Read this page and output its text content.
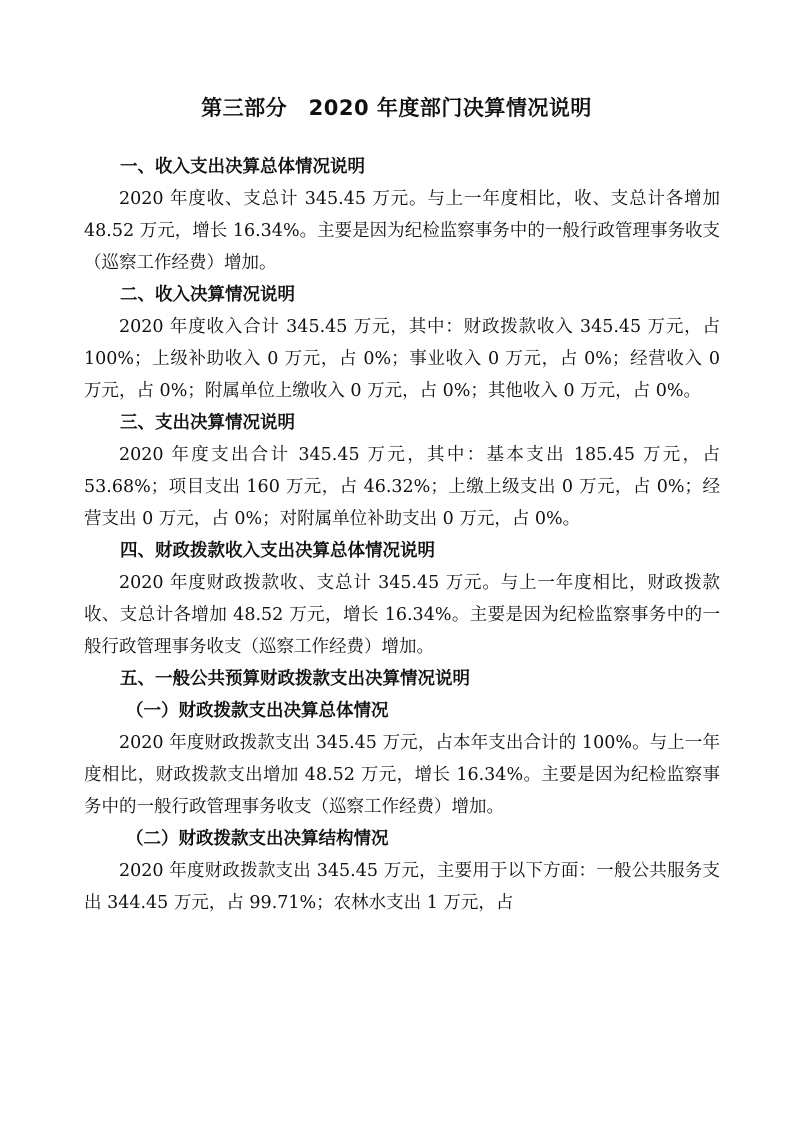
第三部分　2020 年度部门决算情况说明
一、收入支出决算总体情况说明
2020 年度收、支总计 345.45 万元。与上一年度相比，收、支总计各增加 48.52 万元，增长 16.34%。主要是因为纪检监察事务中的一般行政管理事务收支（巡察工作经费）增加。
二、收入决算情况说明
2020 年度收入合计 345.45 万元，其中：财政拨款收入 345.45 万元，占 100%；上级补助收入 0 万元，占 0%；事业收入 0 万元，占 0%；经营收入 0 万元，占 0%；附属单位上缴收入 0 万元，占 0%；其他收入 0 万元，占 0%。
三、支出决算情况说明
2020 年度支出合计 345.45 万元，其中：基本支出 185.45 万元，占 53.68%；项目支出 160 万元，占 46.32%；上缴上级支出 0 万元，占 0%；经营支出 0 万元，占 0%；对附属单位补助支出 0 万元，占 0%。
四、财政拨款收入支出决算总体情况说明
2020 年度财政拨款收、支总计 345.45 万元。与上一年度相比，财政拨款收、支总计各增加 48.52 万元，增长 16.34%。主要是因为纪检监察事务中的一般行政管理事务收支（巡察工作经费）增加。
五、一般公共预算财政拨款支出决算情况说明
（一）财政拨款支出决算总体情况
2020 年度财政拨款支出 345.45 万元，占本年支出合计的 100%。与上一年度相比，财政拨款支出增加 48.52 万元，增长 16.34%。主要是因为纪检监察事务中的一般行政管理事务收支（巡察工作经费）增加。
（二）财政拨款支出决算结构情况
2020 年度财政拨款支出 345.45 万元，主要用于以下方面：一般公共服务支出 344.45 万元，占 99.71%；农林水支出 1 万元，占
